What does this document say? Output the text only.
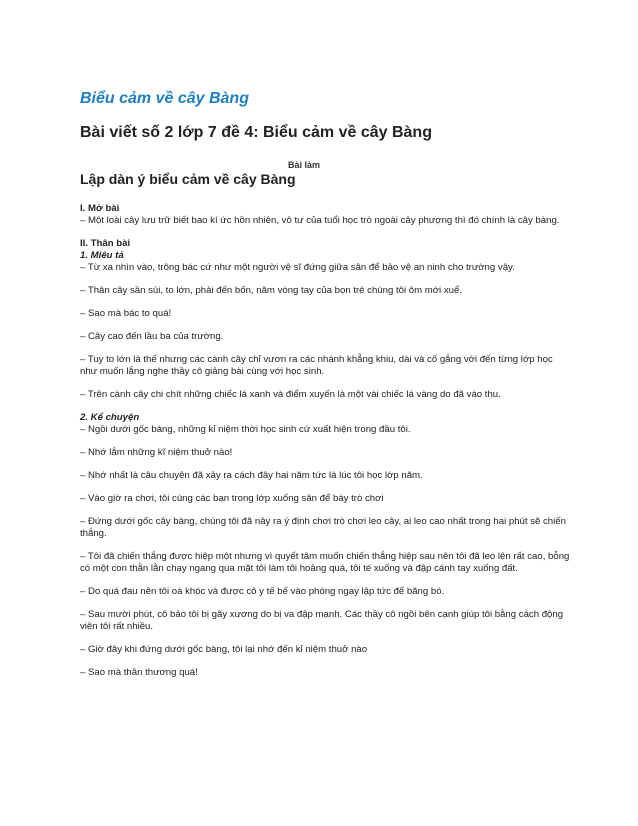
Biểu cảm về cây Bàng
Bài viết số 2 lớp 7 đề 4: Biểu cảm về cây Bàng
Bài làm
Lập dàn ý biểu cảm về cây Bàng
I. Mở bài
– Một loài cây lưu trữ biết bao kí ức hồn nhiên, vô tư của tuổi học trò ngoài cây phượng thì đó chính là cây bàng.
II. Thân bài
1. Miêu tả

– Từ xa nhìn vào, trông bác cứ như một người vệ sĩ đứng giữa sân để bảo vệ an ninh cho trường vậy.

– Thân cây sần sùi, to lớn, phải đến bốn, năm vòng tay của bọn trẻ chúng tôi ôm mới xuể.

– Sao mà bác to quá!

– Cây cao đến lầu ba của trường.

– Tuy to lớn là thế nhưng các cành cây chỉ vươn ra các nhánh khẳng khiu, dài và cố gắng với đến từng lớp học như muốn lắng nghe thầy cô giảng bài cùng với học sinh.

– Trên cành cây chi chít những chiếc lá xanh và điểm xuyến là một vài chiếc lá vàng do đã vào thu.

2. Kể chuyện

– Ngồi dưới gốc bàng, những kỉ niệm thời học sinh cứ xuất hiện trong đầu tôi.

– Nhớ lắm những kĩ niệm thuở nào!

– Nhớ nhất là câu chuyện đã xảy ra cách đây hai năm tức là lúc tôi học lớp năm.

– Vào giờ ra chơi, tôi cùng các bạn trong lớp xuống sân để bày trò chơi

– Đứng dưới gốc cây bàng, chúng tôi đã nảy ra ý định chơi trò chơi leo cây, ai leo cao nhất trong hai phút sẽ chiến thắng.

– Tôi đã chiến thắng được hiệp một nhưng vì quyết tâm muốn chiến thắng hiệp sau nên tôi đã leo lên rất cao, bỗng có một con thằn lằn chạy ngang qua mặt tôi làm tôi hoảng quá, tôi té xuống và đập cánh tay xuống đất.

– Do quá đau nên tôi oà khóc và được cô y tế bế vào phòng ngay lập tức để băng bó.

– Sau mười phút, cô bảo tôi bị gãy xương do bị va đập mạnh. Các thầy cô ngồi bên cạnh giúp tôi bằng cách động viên tôi rất nhiều.

– Giờ đây khi đứng dưới gốc bàng, tôi lại nhớ đến kỉ niệm thuở nào

– Sao mà thân thương quá!
